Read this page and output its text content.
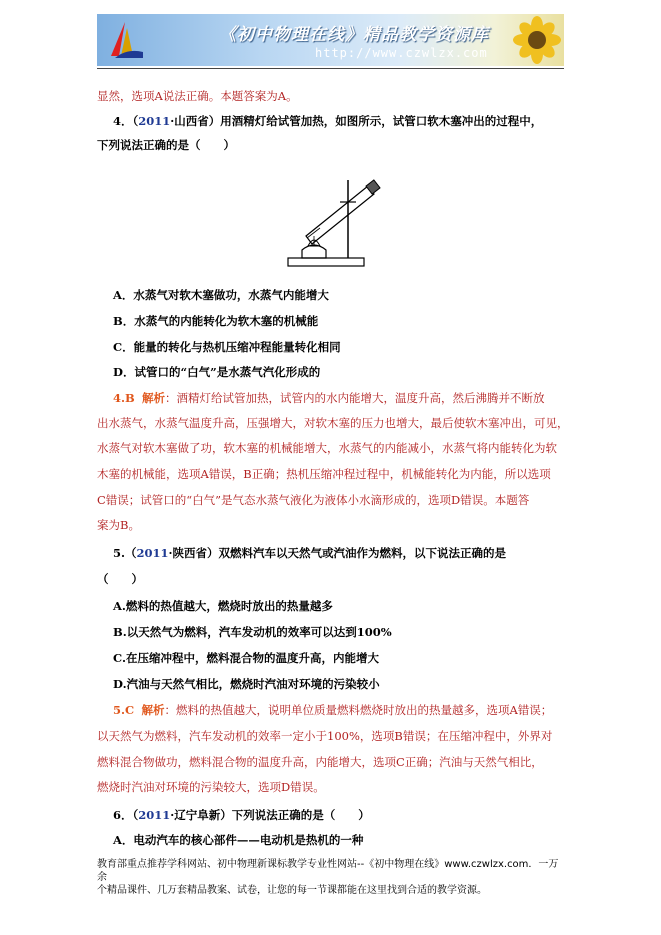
《初中物理在线》精品教学资源库
http://www.czwlzx.com
显然，选项A说法正确。本题答案为A。
4．（2011·山西省）用酒精灯给试管加热，如图所示，试管口软木塞冲出的过程中，
下列说法正确的是（　　）
A．水蒸气对软木塞做功，水蒸气内能增大
B．水蒸气的内能转化为软木塞的机械能
C．能量的转化与热机压缩冲程能量转化相同
D．试管口的“白气”是水蒸气汽化形成的
4.B 解析：酒精灯给试管加热，试管内的水内能增大，温度升高，然后沸腾并不断放
出水蒸气，水蒸气温度升高，压强增大，对软木塞的压力也增大，最后使软木塞冲出，可见，
水蒸气对软木塞做了功，软木塞的机械能增大，水蒸气的内能减小，水蒸气将内能转化为软
木塞的机械能，选项A错误，B正确；热机压缩冲程过程中，机械能转化为内能，所以选项
C错误；试管口的“白气”是气态水蒸气液化为液体小水滴形成的，选项D错误。本题答
案为B。
5.（2011·陕西省）双燃料汽车以天然气或汽油作为燃料，以下说法正确的是
（　　）
A.燃料的热值越大，燃烧时放出的热量越多
B.以天然气为燃料，汽车发动机的效率可以达到100%
C.在压缩冲程中，燃料混合物的温度升高，内能增大
D.汽油与天然气相比，燃烧时汽油对环境的污染较小
5.C 解析：燃料的热值越大，说明单位质量燃料燃烧时放出的热量越多，选项A错误；
以天然气为燃料，汽车发动机的效率一定小于100%，选项B错误；在压缩冲程中，外界对
燃料混合物做功，燃料混合物的温度升高，内能增大，选项C正确；汽油与天然气相比，
燃烧时汽油对环境的污染较大，选项D错误。
6．（2011·辽宁阜新）下列说法正确的是（　　）
A．电动汽车的核心部件——电动机是热机的一种
教育部重点推荐学科网站、初中物理新课标教学专业性网站--《初中物理在线》www.czwlzx.com．一万余
个精品课件、几万套精品教案、试卷，让您的每一节课都能在这里找到合适的教学资源。
